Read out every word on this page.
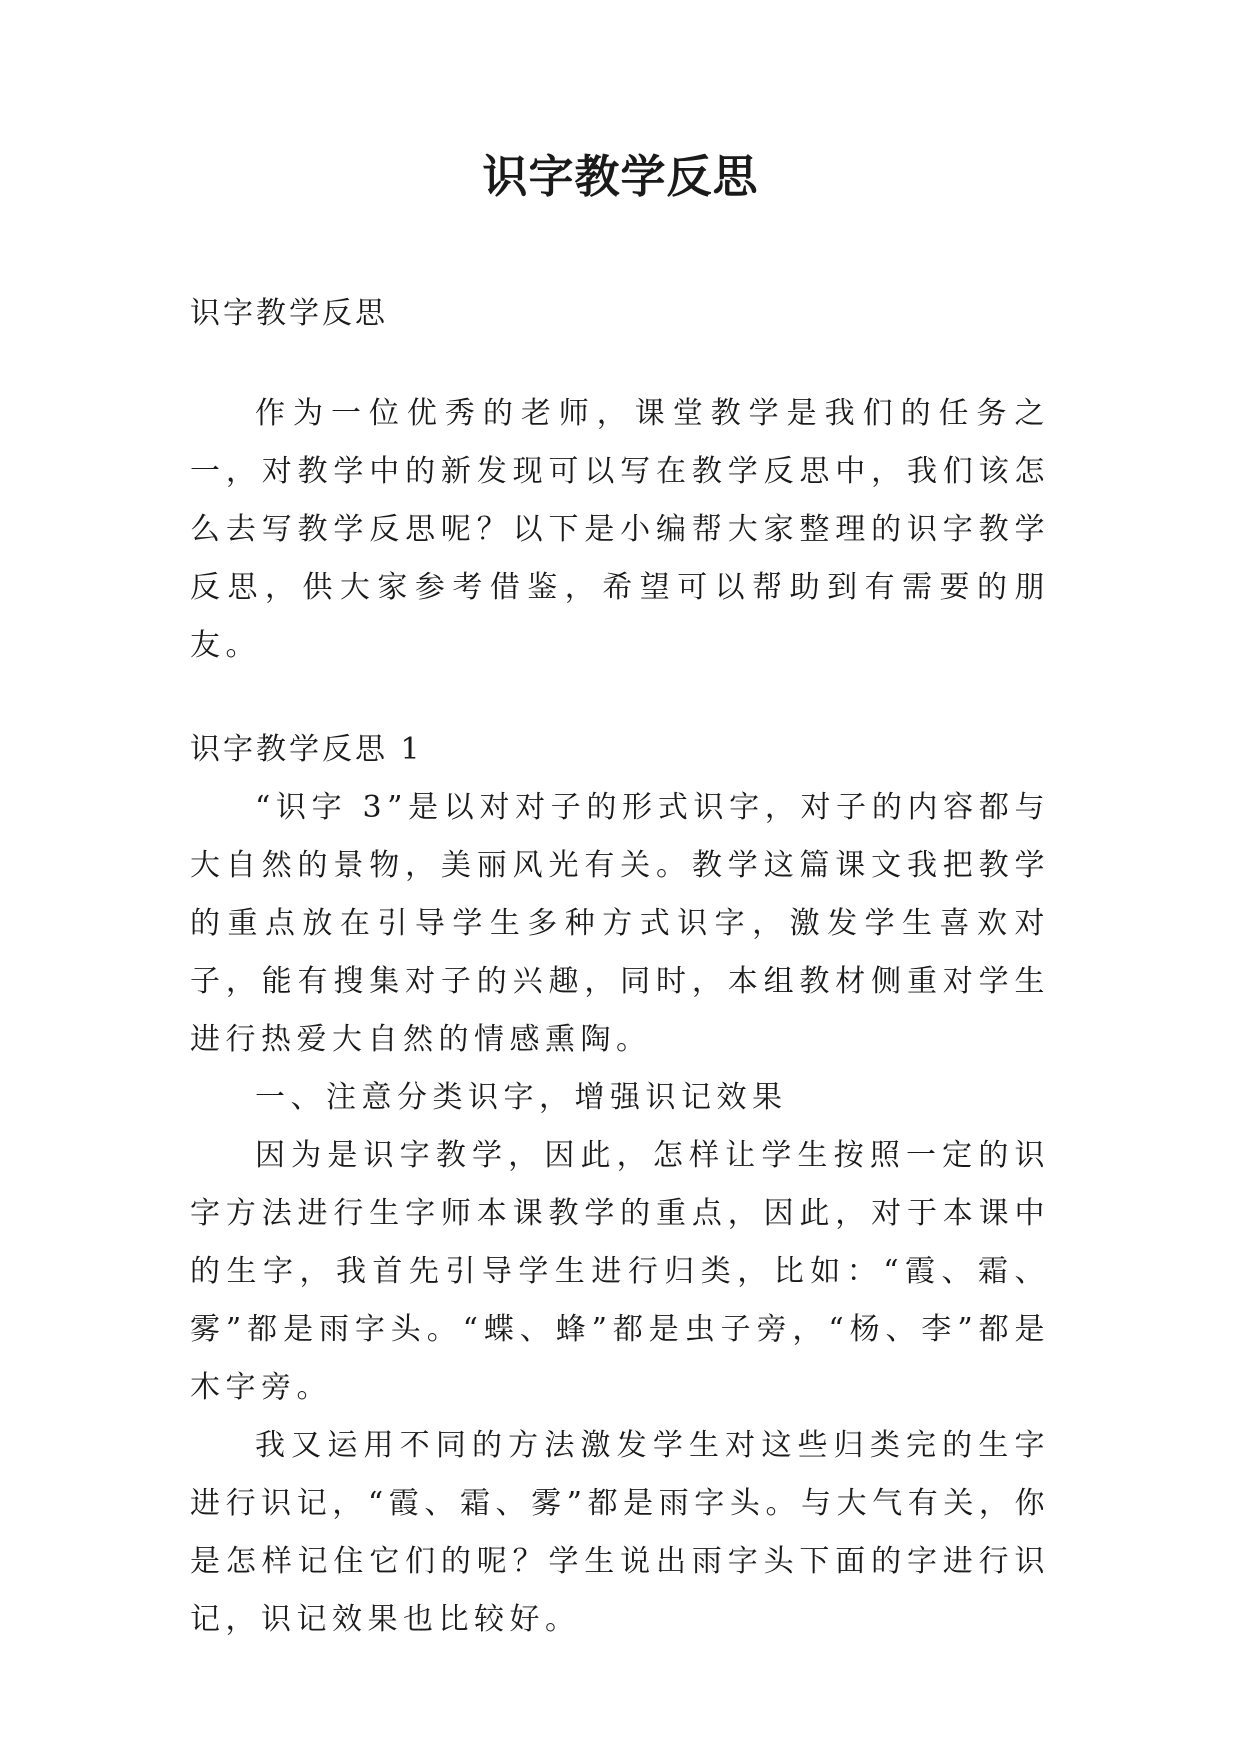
识字教学反思
识字教学反思

作为一位优秀的老师，课堂教学是我们的任务之一，对教学中的新发现可以写在教学反思中，我们该怎么去写教学反思呢？以下是小编帮大家整理的识字教学反思，供大家参考借鉴，希望可以帮助到有需要的朋友。

识字教学反思 1

“识字 3”是以对对子的形式识字，对子的内容都与大自然的景物，美丽风光有关。教学这篇课文我把教学的重点放在引导学生多种方式识字，激发学生喜欢对子，能有搜集对子的兴趣，同时，本组教材侧重对学生进行热爱大自然的情感熏陶。

一、注意分类识字，增强识记效果

因为是识字教学，因此，怎样让学生按照一定的识字方法进行生字师本课教学的重点，因此，对于本课中的生字，我首先引导学生进行归类，比如：“霞、霜、雾”都是雨字头。“蝶、蜂”都是虫子旁，“杨、李”都是木字旁。

我又运用不同的方法激发学生对这些归类完的生字进行识记，“霞、霜、雾”都是雨字头。与大气有关，你是怎样记住它们的呢？学生说出雨字头下面的字进行识记，识记效果也比较好。
